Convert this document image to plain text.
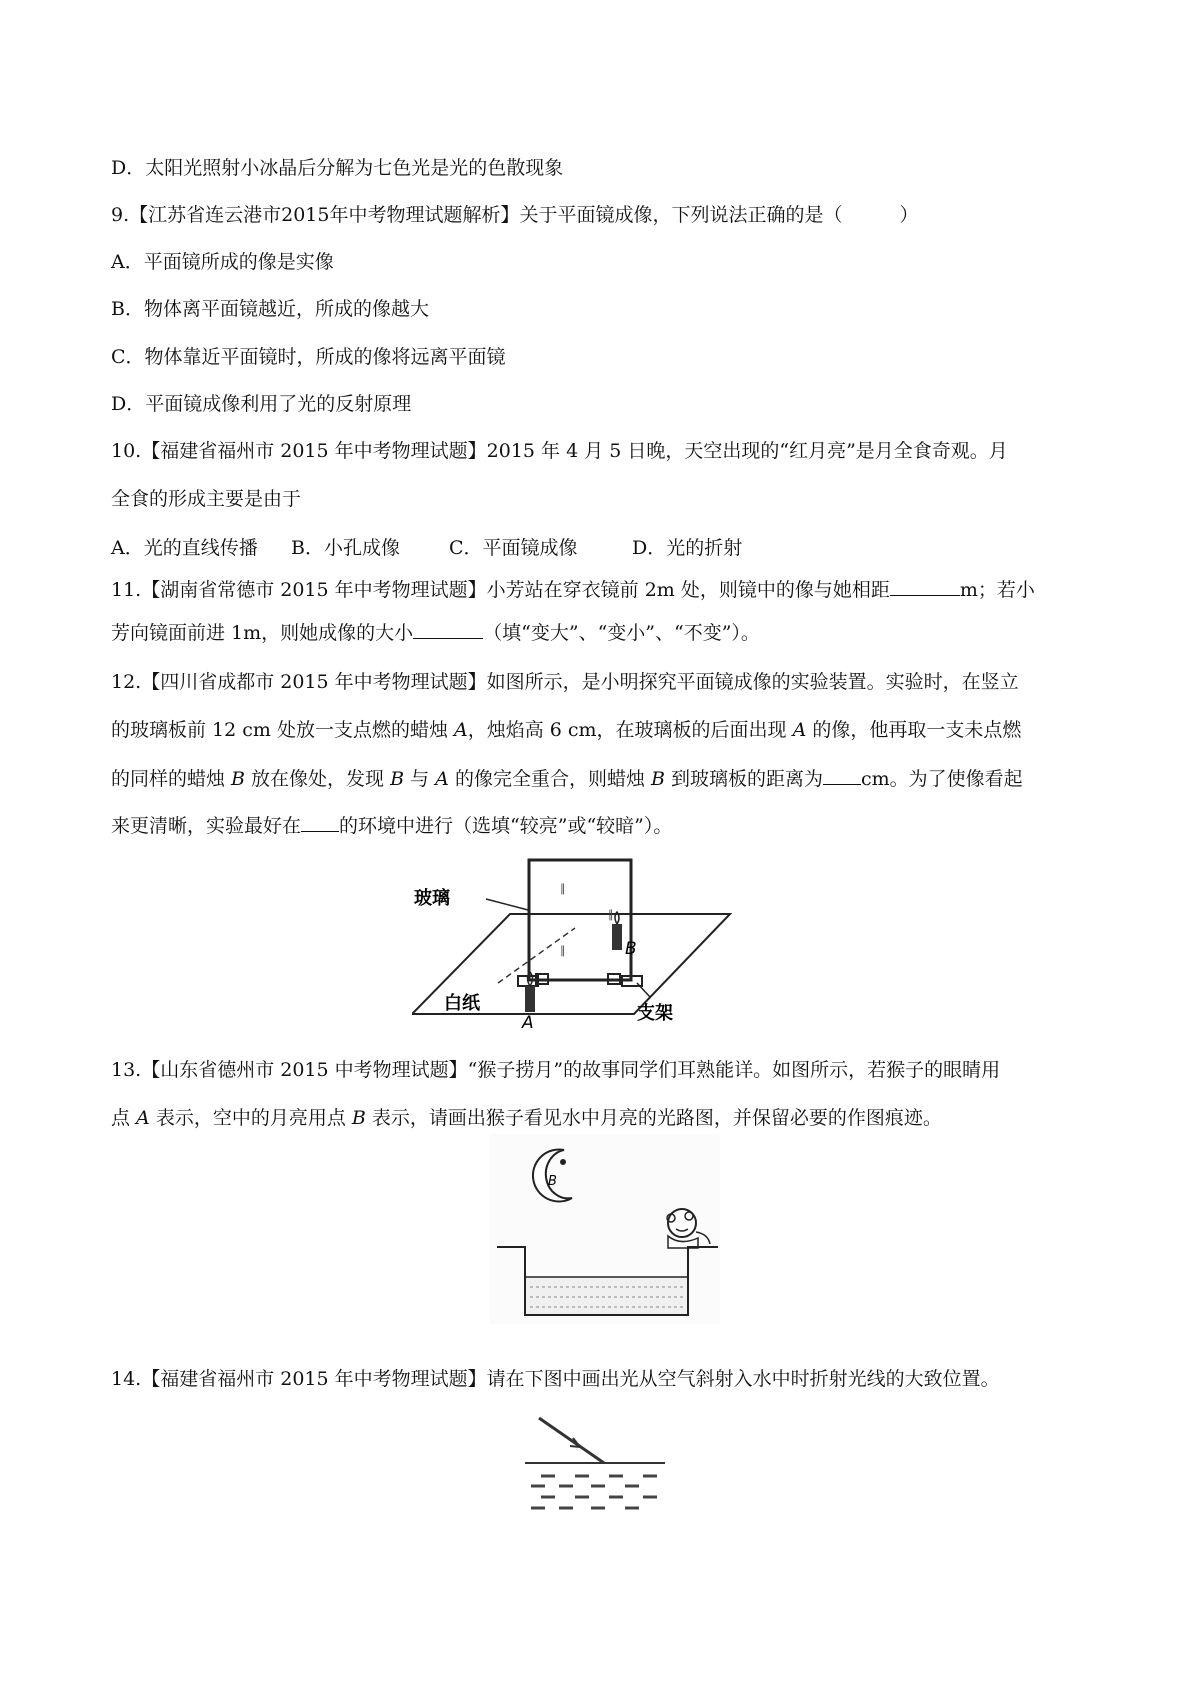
D．太阳光照射小冰晶后分解为七色光是光的色散现象
9.【江苏省连云港市2015年中考物理试题解析】关于平面镜成像，下列说法正确的是（　　　）
A．平面镜所成的像是实像
B．物体离平面镜越近，所成的像越大
C．物体靠近平面镜时，所成的像将远离平面镜
D．平面镜成像利用了光的反射原理
10.【福建省福州市 2015 年中考物理试题】2015 年 4 月 5 日晚，天空出现的“红月亮”是月全食奇观。月
全食的形成主要是由于
A．光的直线传播 B．小孔成像	C．平面镜成像	D．光的折射
11.【湖南省常德市 2015 年中考物理试题】小芳站在穿衣镜前 2m 处，则镜中的像与她相距	m；若小
芳向镜面前进 1m，则她成像的大小	（填“变大”、“变小”、“不变”）。
12.【四川省成都市 2015 年中考物理试题】如图所示，是小明探究平面镜成像的实验装置。实验时，在竖立
的玻璃板前 12 cm 处放一支点燃的蜡烛 A，烛焰高 6 cm，在玻璃板的后面出现 A 的像，他再取一支未点燃
的同样的蜡烛 B 放在像处，发现 B 与 A 的像完全重合，则蜡烛 B 到玻璃板的距离为 cm。为了使像看起
来更清晰，实验最好在 的环境中进行（选填“较亮”或“较暗”）。
∥
∥
∥
玻璃
白纸	支架
A
B
13.【山东省德州市 2015 中考物理试题】“猴子捞月”的故事同学们耳熟能详。如图所示，若猴子的眼睛用
点 A 表示，空中的月亮用点 B 表示，请画出猴子看见水中月亮的光路图，并保留必要的作图痕迹。
B
14.【福建省福州市 2015 年中考物理试题】请在下图中画出光从空气斜射入水中时折射光线的大致位置。
